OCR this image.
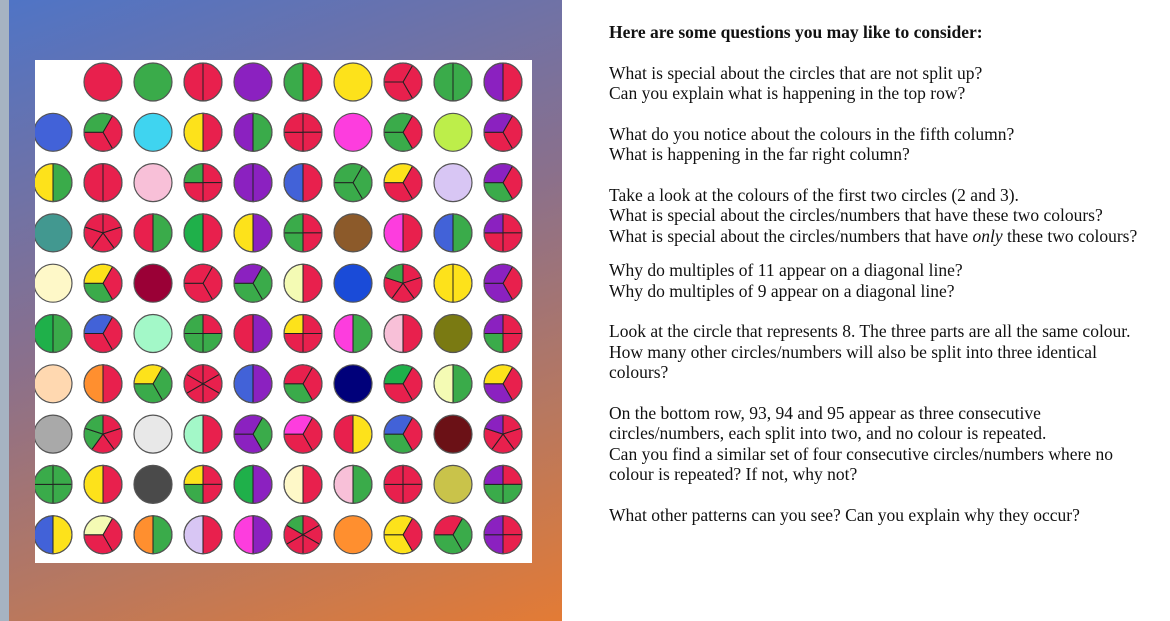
Here are some questions you may like to consider:

What is special about the circles that are not split up?

Can you explain what is happening in the top row?

What do you notice about the colours in the fifth column?

What is happening in the far right column?

Take a look at the colours of the first two circles (2 and 3).

What is special about the circles/numbers that have these two colours?

What is special about the circles/numbers that have only these two colours?

Why do multiples of 11 appear on a diagonal line?

Why do multiples of 9 appear on a diagonal line?

Look at the circle that represents 8. The three parts are all the same colour.

How many other circles/numbers will also be split into three identical colours?

On the bottom row, 93, 94 and 95 appear as three consecutive circles/numbers, each split into two, and no colour is repeated.

Can you find a similar set of four consecutive circles/numbers where no colour is repeated? If not, why not?

What other patterns can you see? Can you explain why they occur?
